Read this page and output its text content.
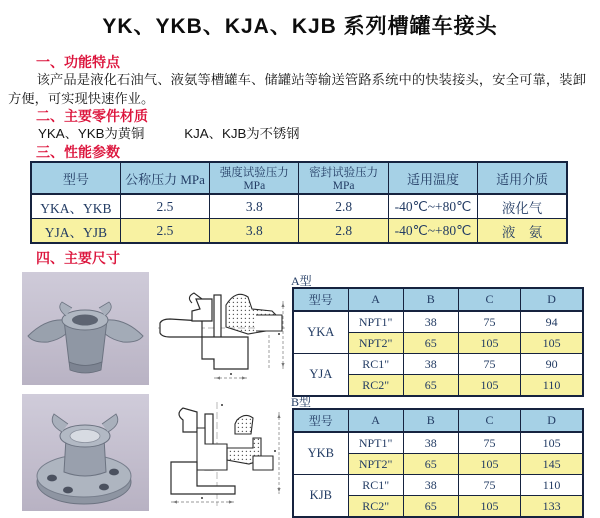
YK、YKB、KJA、KJB 系列槽罐车接头
一、功能特点
该产品是液化石油气、液氨等槽罐车、储罐站等输送管路系统中的快装接头，安全可靠，装卸方便，可实现快速作业。
二、主要零件材质
YKA、YKB为黄铜　　　KJA、KJB为不锈钢
三、性能参数
型号	公称压力 MPa	强度试验压力MPa	密封试验压力MPa	适用温度	适用介质
YKA、YKB	2.5	3.8	2.8	-40℃~+80℃	液化气
YJA、YJB	2.5	3.8	2.8	-40℃~+80℃	液　氨
四、主要尺寸
A型
型号	A	B	C	D
YKA	NPT1"	38	75	94
	NPT2"	65	105	105
YJA	RC1"	38	75	90
	RC2"	65	105	110
B型
型号	A	B	C	D
YKB	NPT1"	38	75	105
	NPT2"	65	105	145
KJB	RC1"	38	75	110
	RC2"	65	105	133
